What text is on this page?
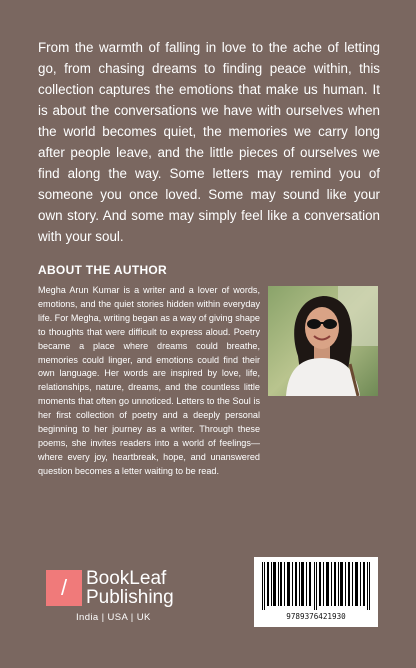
From the warmth of falling in love to the ache of letting go, from chasing dreams to finding peace within, this collection captures the emotions that make us human. It is about the conversations we have with ourselves when the world becomes quiet, the memories we carry long after people leave, and the little pieces of ourselves we find along the way. Some letters may remind you of someone you once loved. Some may sound like your own story. And some may simply feel like a conversation with your soul.

ABOUT THE AUTHOR

Megha Arun Kumar is a writer and a lover of words, emotions, and the quiet stories hidden within everyday life. For Megha, writing began as a way of giving shape to thoughts that were difficult to express aloud. Poetry became a place where dreams could breathe, memories could linger, and emotions could find their own language. Her words are inspired by love, life, relationships, nature, dreams, and the countless little moments that often go unnoticed. Letters to the Soul is her first collection of poetry and a deeply personal beginning to her journey as a writer. Through these poems, she invites readers into a world of feelings—where every joy, heartbreak, hope, and unanswered question becomes a letter waiting to be read.

/ BookLeaf
Publishing
India | USA | UK	9789376421930
